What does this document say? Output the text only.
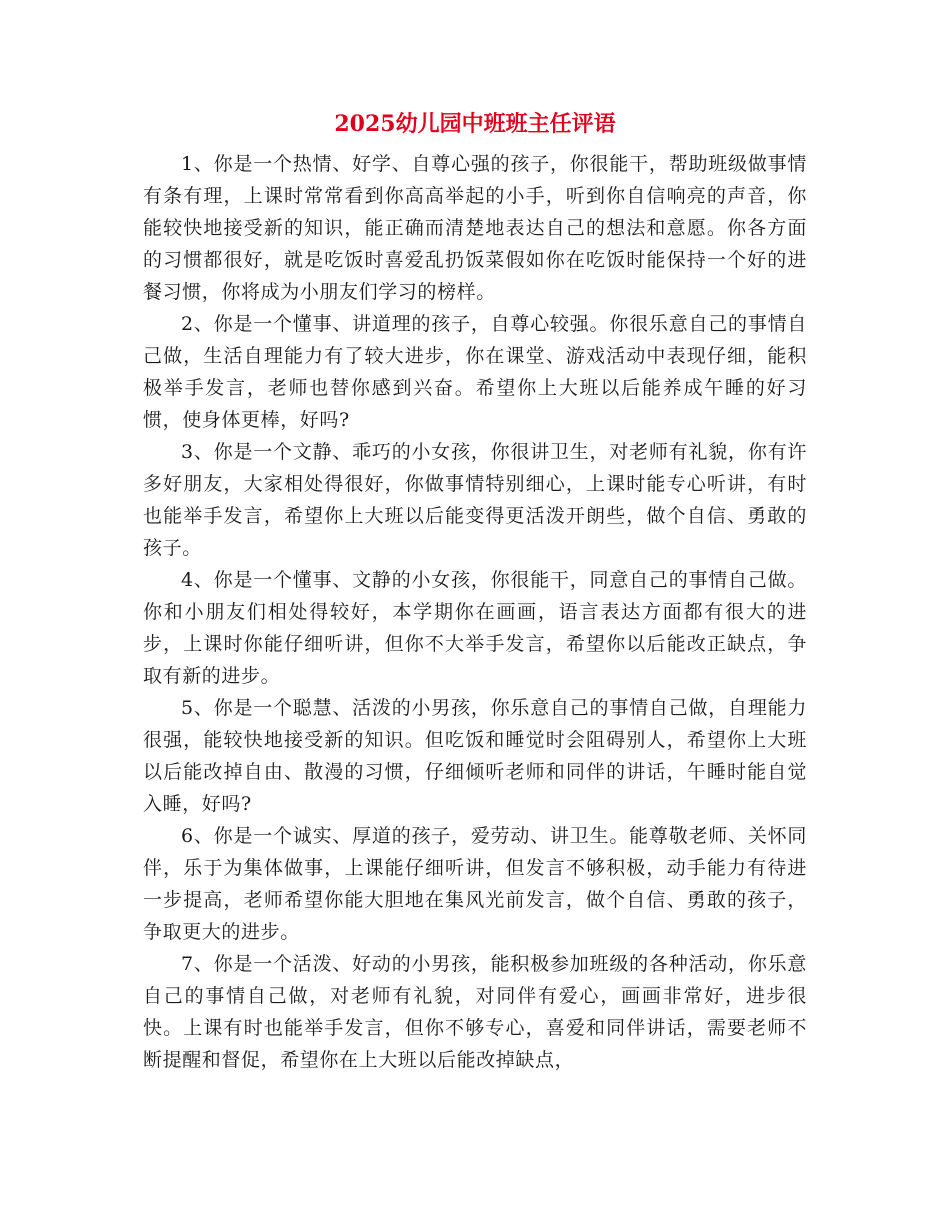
2025幼儿园中班班主任评语

1、你是一个热情、好学、自尊心强的孩子，你很能干，帮助班级做事情有条有理，上课时常常看到你高高举起的小手，听到你自信响亮的声音，你能较快地接受新的知识，能正确而清楚地表达自己的想法和意愿。你各方面的习惯都很好，就是吃饭时喜爱乱扔饭菜假如你在吃饭时能保持一个好的进餐习惯，你将成为小朋友们学习的榜样。

2、你是一个懂事、讲道理的孩子，自尊心较强。你很乐意自己的事情自己做，生活自理能力有了较大进步，你在课堂、游戏活动中表现仔细，能积极举手发言，老师也替你感到兴奋。希望你上大班以后能养成午睡的好习惯，使身体更棒，好吗?

3、你是一个文静、乖巧的小女孩，你很讲卫生，对老师有礼貌，你有许多好朋友，大家相处得很好，你做事情特别细心，上课时能专心听讲，有时也能举手发言，希望你上大班以后能变得更活泼开朗些，做个自信、勇敢的孩子。

4、你是一个懂事、文静的小女孩，你很能干，同意自己的事情自己做。你和小朋友们相处得较好，本学期你在画画，语言表达方面都有很大的进步，上课时你能仔细听讲，但你不大举手发言，希望你以后能改正缺点，争取有新的进步。

5、你是一个聪慧、活泼的小男孩，你乐意自己的事情自己做，自理能力很强，能较快地接受新的知识。但吃饭和睡觉时会阻碍别人，希望你上大班以后能改掉自由、散漫的习惯，仔细倾听老师和同伴的讲话，午睡时能自觉入睡，好吗?

6、你是一个诚实、厚道的孩子，爱劳动、讲卫生。能尊敬老师、关怀同伴，乐于为集体做事，上课能仔细听讲，但发言不够积极，动手能力有待进一步提高，老师希望你能大胆地在集风光前发言，做个自信、勇敢的孩子，争取更大的进步。

7、你是一个活泼、好动的小男孩，能积极参加班级的各种活动，你乐意自己的事情自己做，对老师有礼貌，对同伴有爱心，画画非常好，进步很快。上课有时也能举手发言，但你不够专心，喜爱和同伴讲话，需要老师不断提醒和督促，希望你在上大班以后能改掉缺点，
